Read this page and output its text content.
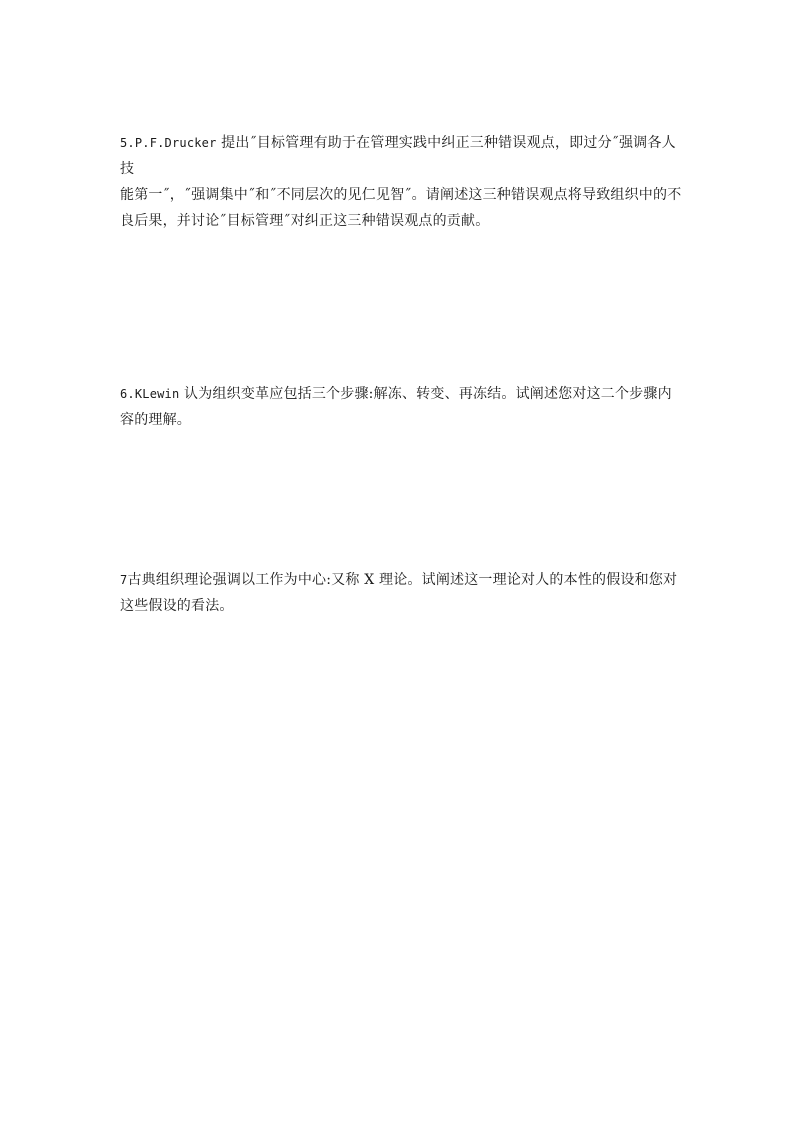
5.P.F.Drucker 提出˝目标管理有助于在管理实践中纠正三种错误观点，即过分˝强调各人
技
能第一˝，˝强调集中˝和˝不同层次的见仁见智˝。请阐述这三种错误观点将导致组织中的不
良后果，并讨论˝目标管理˝对纠正这三种错误观点的贡献。
6.KLewin 认为组织变革应包括三个步骤:解冻、转变、再冻结。试阐述您对这二个步骤内
容的理解。
7古典组织理论强调以工作为中心:又称 X 理论。试阐述这一理论对人的本性的假设和您对
这些假设的看法。
